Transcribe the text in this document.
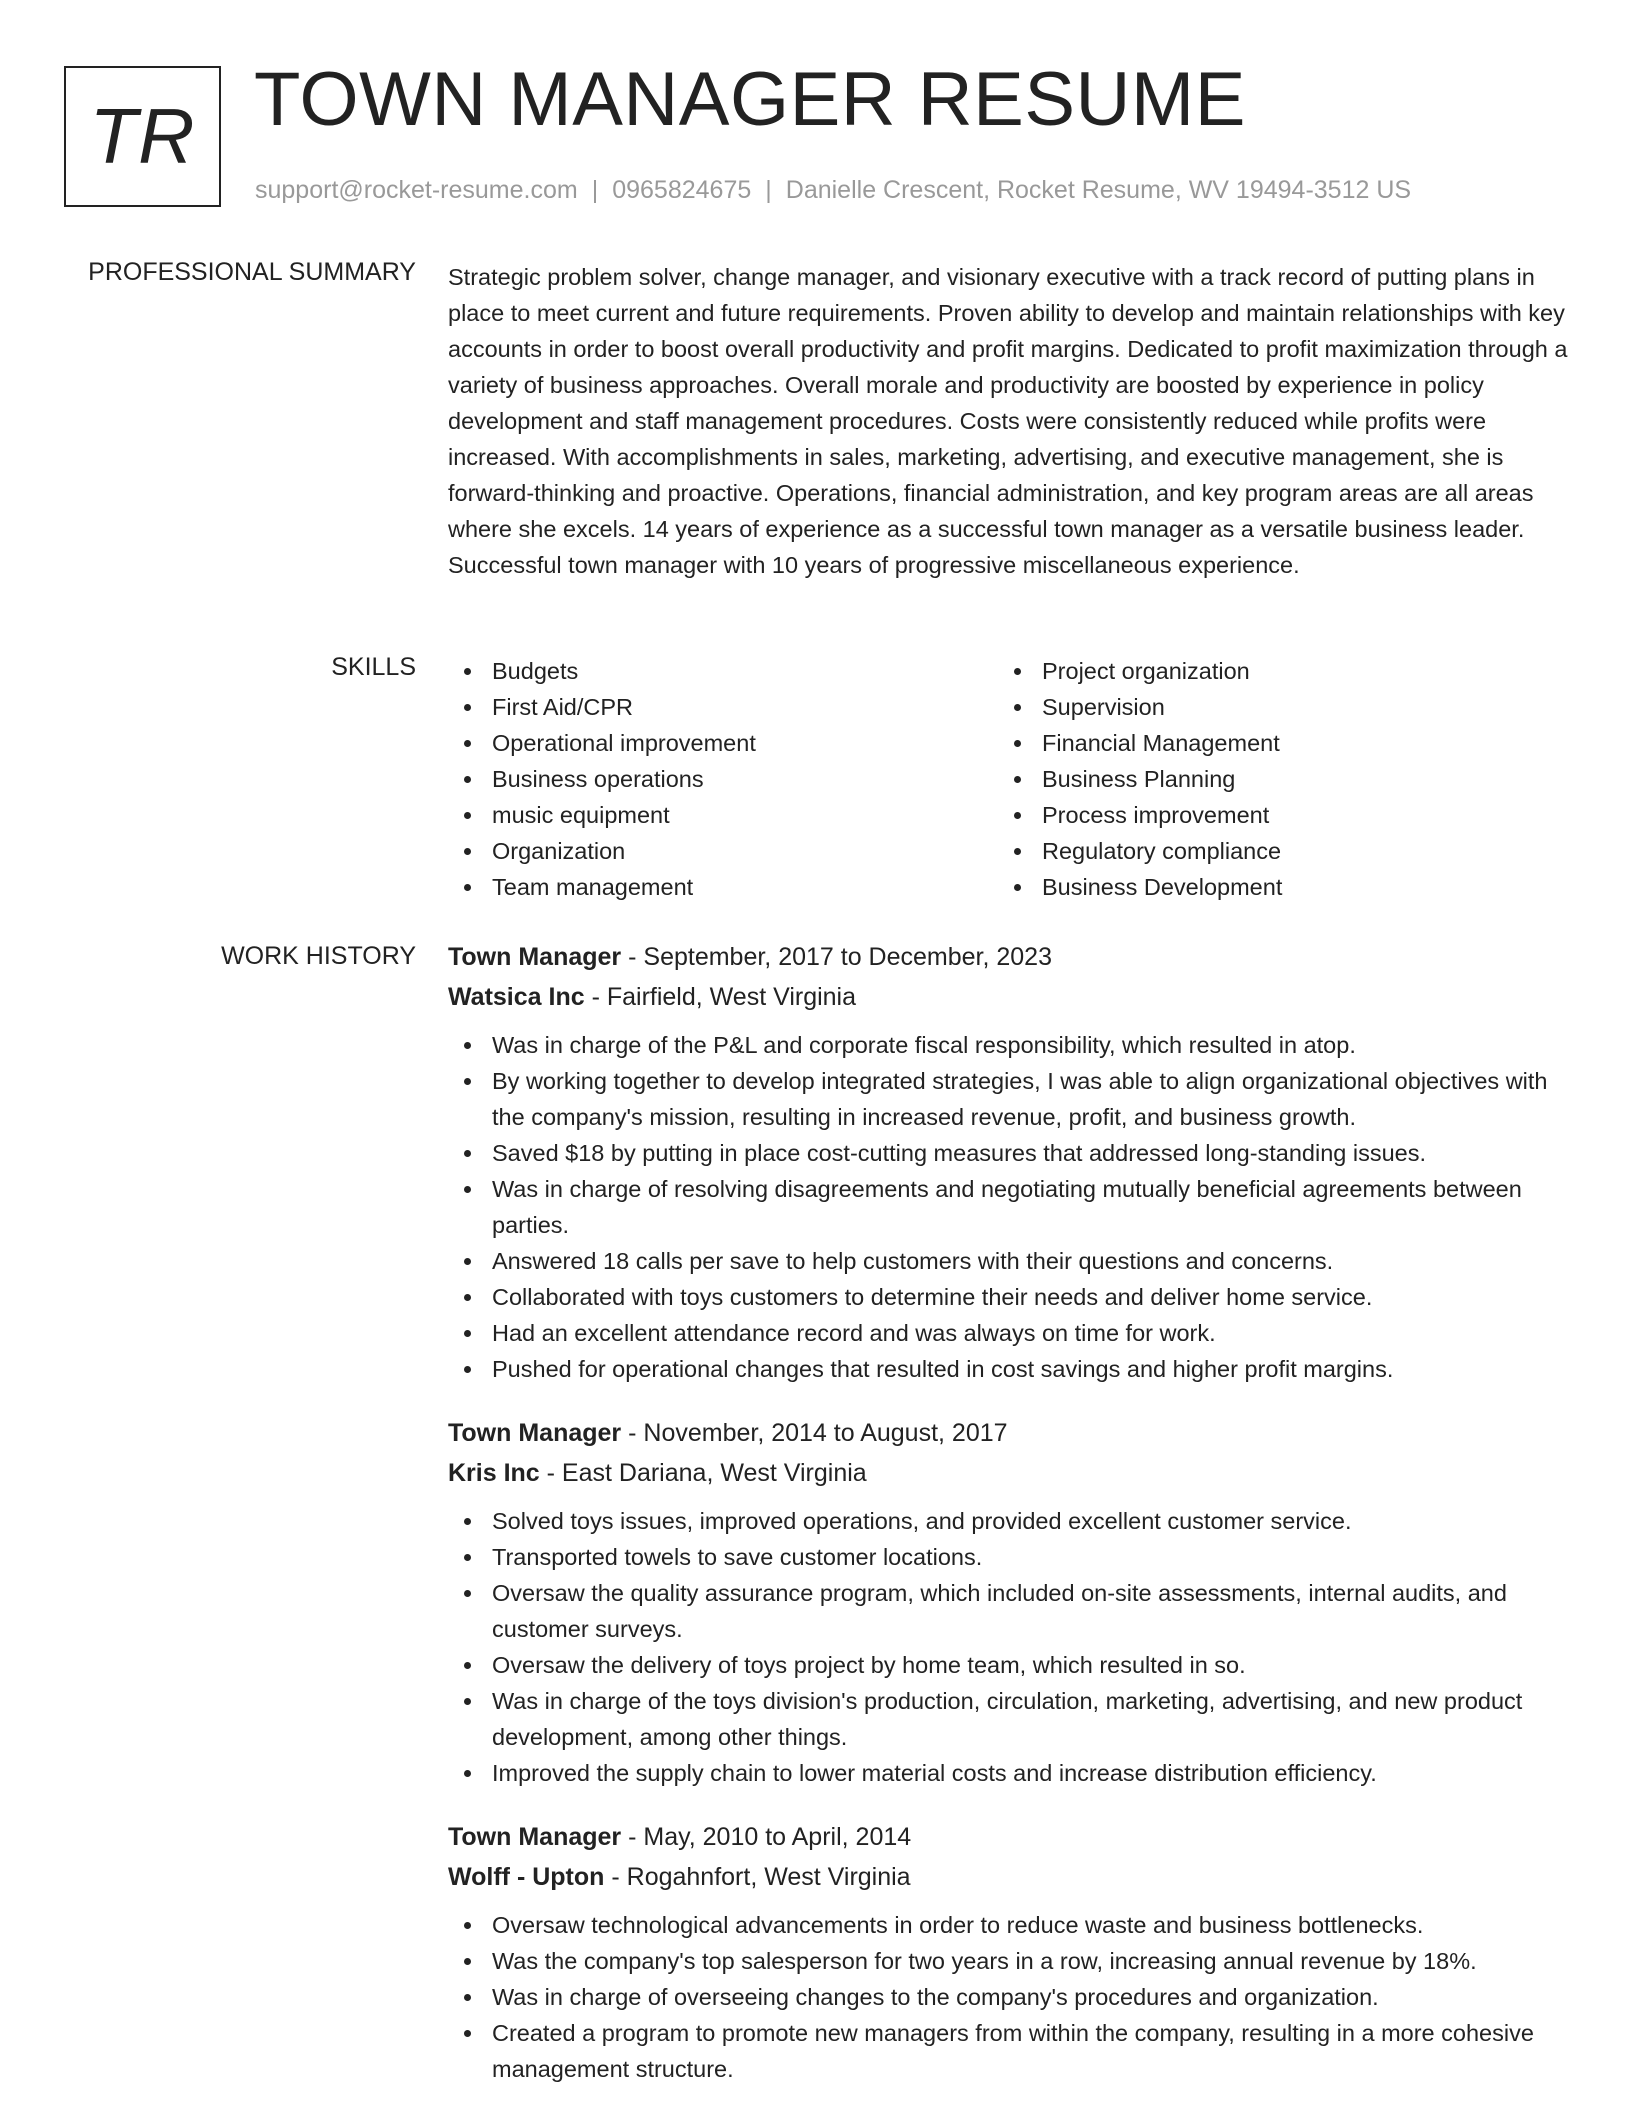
TR TOWN MANAGER RESUME
support@rocket-resume.com | 0965824675 | Danielle Crescent, Rocket Resume, WV 19494-3512 US
PROFESSIONAL SUMMARY Strategic problem solver, change manager, and visionary executive with a track record of putting plans in place to meet current and future requirements. Proven ability to develop and maintain relationships with key accounts in order to boost overall productivity and profit margins. Dedicated to profit maximization through a variety of business approaches. Overall morale and productivity are boosted by experience in policy development and staff management procedures. Costs were consistently reduced while profits were increased. With accomplishments in sales, marketing, advertising, and executive management, she is forward-thinking and proactive. Operations, financial administration, and key program areas are all areas where she excels. 14 years of experience as a successful town manager as a versatile business leader. Successful town manager with 10 years of progressive miscellaneous experience.

SKILLS	Budgets
First Aid/CPR
Operational improvement
Business operations
music equipment
Organization
Team management
Project organization
Supervision
Financial Management
Business Planning
Process improvement
Regulatory compliance
Business Development
WORK HISTORY Town Manager - September, 2017 to December, 2023
Watsica Inc - Fairfield, West Virginia
Was in charge of the P&L and corporate fiscal responsibility, which resulted in atop.
By working together to develop integrated strategies, I was able to align organizational objectives with the company's mission, resulting in increased revenue, profit, and business growth.
Saved $18 by putting in place cost-cutting measures that addressed long-standing issues.
Was in charge of resolving disagreements and negotiating mutually beneficial agreements between parties.
Answered 18 calls per save to help customers with their questions and concerns.
Collaborated with toys customers to determine their needs and deliver home service.
Had an excellent attendance record and was always on time for work.
Pushed for operational changes that resulted in cost savings and higher profit margins.
Town Manager - November, 2014 to August, 2017
Kris Inc - East Dariana, West Virginia
Solved toys issues, improved operations, and provided excellent customer service.
Transported towels to save customer locations.
Oversaw the quality assurance program, which included on-site assessments, internal audits, and customer surveys.
Oversaw the delivery of toys project by home team, which resulted in so.
Was in charge of the toys division's production, circulation, marketing, advertising, and new product development, among other things.
Improved the supply chain to lower material costs and increase distribution efficiency.
Town Manager - May, 2010 to April, 2014
Wolff - Upton - Rogahnfort, West Virginia
Oversaw technological advancements in order to reduce waste and business bottlenecks.
Was the company's top salesperson for two years in a row, increasing annual revenue by 18%.
Was in charge of overseeing changes to the company's procedures and organization.
Created a program to promote new managers from within the company, resulting in a more cohesive management structure.
